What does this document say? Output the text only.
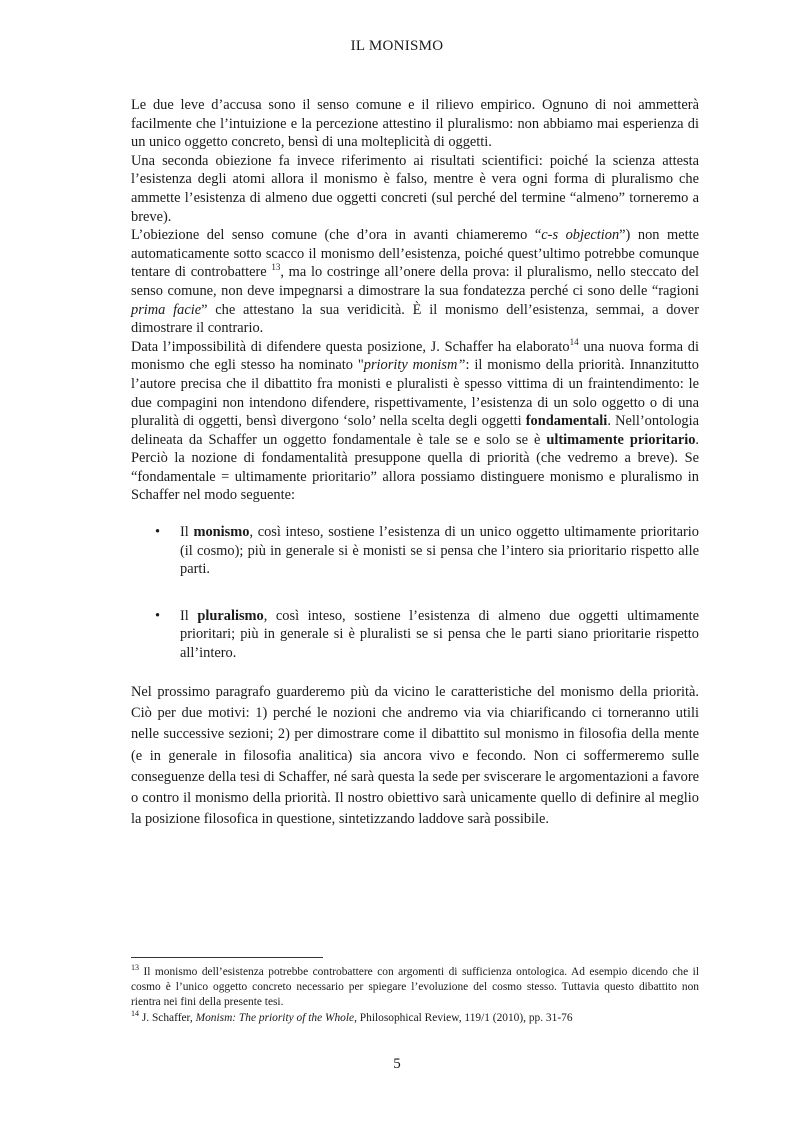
IL MONISMO

Le due leve d’accusa sono il senso comune e il rilievo empirico. Ognuno di noi ammetterà facilmente che l’intuizione e la percezione attestino il pluralismo: non abbiamo mai esperienza di un unico oggetto concreto, bensì di una molteplicità di oggetti.

Una seconda obiezione fa invece riferimento ai risultati scientifici: poiché la scienza attesta l’esistenza degli atomi allora il monismo è falso, mentre è vera ogni forma di pluralismo che ammette l’esistenza di almeno due oggetti concreti (sul perché del termine “almeno” torneremo a breve).

L’obiezione del senso comune (che d’ora in avanti chiameremo “c-s objection”) non mette automaticamente sotto scacco il monismo dell’esistenza, poiché quest’ultimo potrebbe comunque tentare di controbattere $^{13}$, ma lo costringe all’onere della prova: il pluralismo, nello steccato del senso comune, non deve impegnarsi a dimostrare la sua fondatezza perché ci sono delle “ragioni prima facie” che attestano la sua veridicità. È il monismo dell’esistenza, semmai, a dover dimostrare il contrario.

Data l’impossibilità di difendere questa posizione, J. Schaffer ha elaborato$^{14}$ una nuova forma di monismo che egli stesso ha nominato "priority monism”: il monismo della priorità. Innanzitutto l’autore precisa che il dibattito fra monisti e pluralisti è spesso vittima di un fraintendimento: le due compagini non intendono difendere, rispettivamente, l’esistenza di un solo oggetto o di una pluralità di oggetti, bensì divergono ‘solo’ nella scelta degli oggetti fondamentali. Nell’ontologia delineata da Schaffer un oggetto fondamentale è tale se e solo se è ultimamente prioritario. Perciò la nozione di fondamentalità presuppone quella di priorità (che vedremo a breve). Se “fondamentale = ultimamente prioritario” allora possiamo distinguere monismo e pluralismo in Schaffer nel modo seguente:

• Il monismo, così inteso, sostiene l’esistenza di un unico oggetto ultimamente prioritario (il cosmo); più in generale si è monisti se si pensa che l’intero sia prioritario rispetto alle parti.
• Il pluralismo, così inteso, sostiene l’esistenza di almeno due oggetti ultimamente prioritari; più in generale si è pluralisti se si pensa che le parti siano prioritarie rispetto all’intero.

Nel prossimo paragrafo guarderemo più da vicino le caratteristiche del monismo della priorità. Ciò per due motivi: 1) perché le nozioni che andremo via via chiarificando ci torneranno utili nelle successive sezioni; 2) per dimostrare come il dibattito sul monismo in filosofia della mente (e in generale in filosofia analitica) sia ancora vivo e fecondo. Non ci soffermeremo sulle conseguenze della tesi di Schaffer, né sarà questa la sede per sviscerare le argomentazioni a favore o contro il monismo della priorità. Il nostro obiettivo sarà unicamente quello di definire al meglio la posizione filosofica in questione, sintetizzando laddove sarà possibile.

$^{13}$ Il monismo dell’esistenza potrebbe controbattere con argomenti di sufficienza ontologica. Ad esempio dicendo che il cosmo è l’unico oggetto concreto necessario per spiegare l’evoluzione del cosmo stesso. Tuttavia questo dibattito non rientra nei fini della presente tesi.

$^{14}$ J. Schaffer, Monism: The priority of the Whole, Philosophical Review, 119/1 (2010), pp. 31-76

5
